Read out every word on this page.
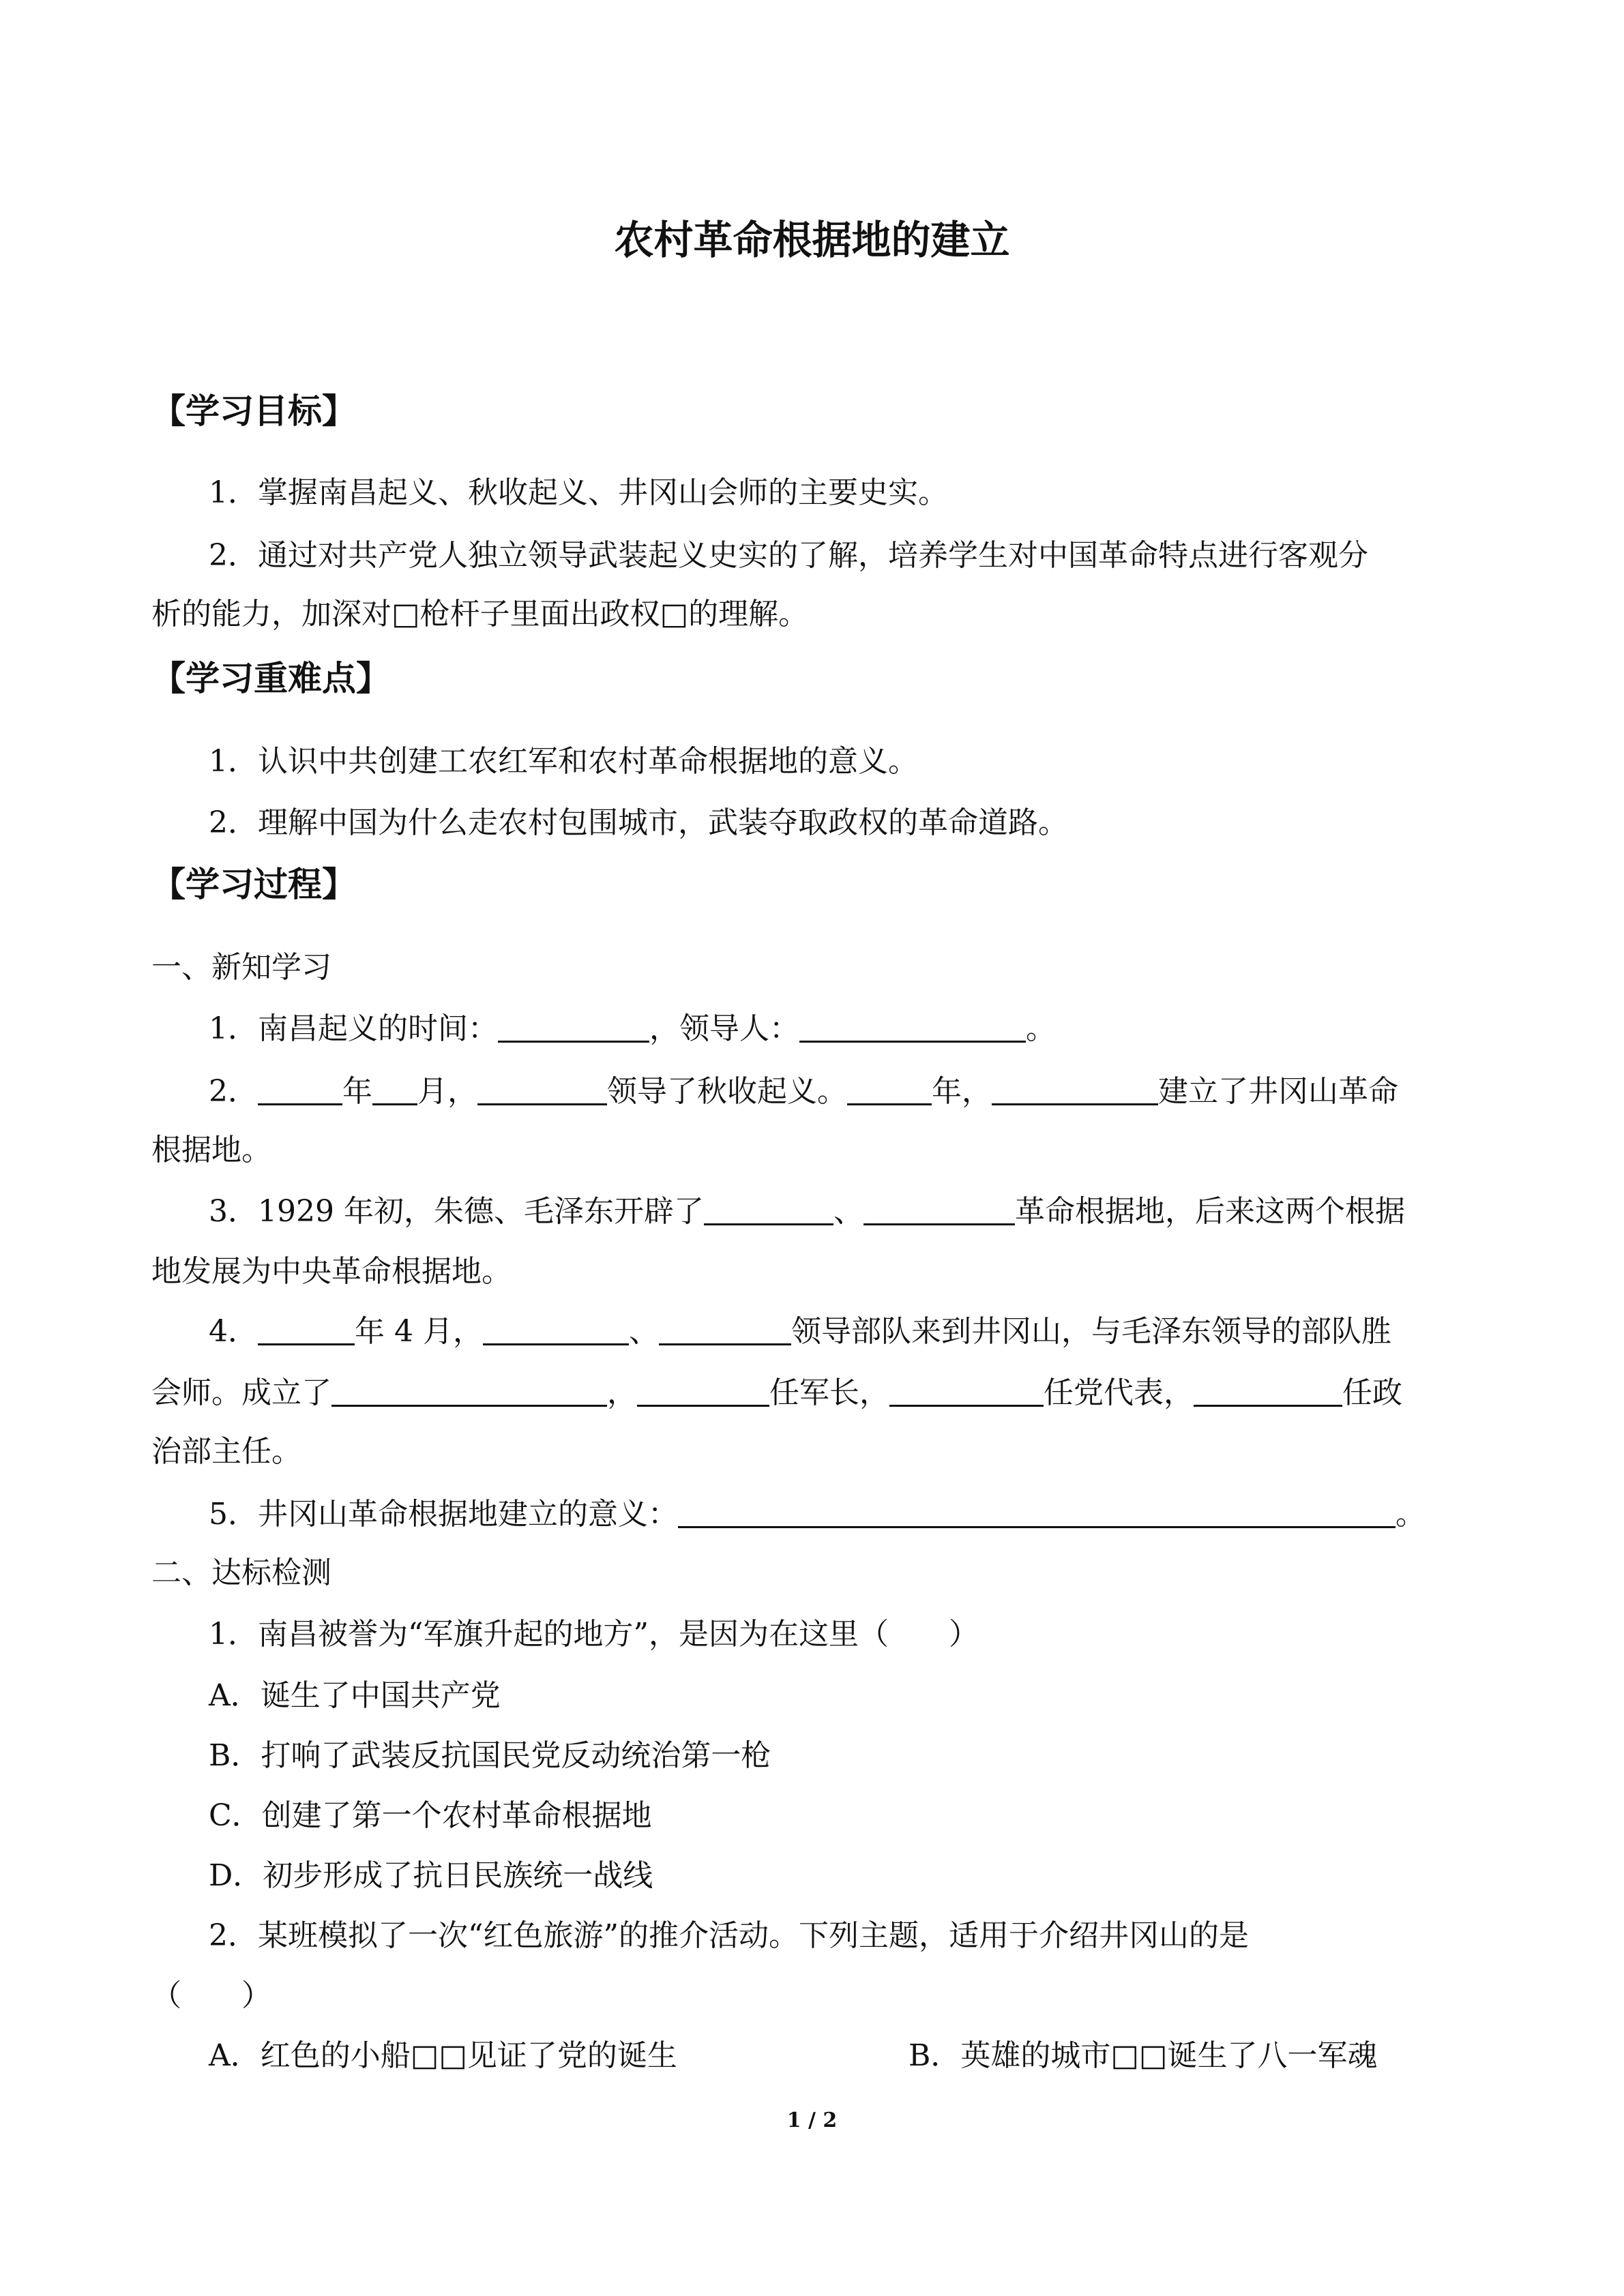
农村革命根据地的建立
【学习目标】
1．掌握南昌起义、秋收起义、井冈山会师的主要史实。
2．通过对共产党人独立领导武装起义史实的了解，培养学生对中国革命特点进行客观分
析的能力，加深对□枪杆子里面出政权□的理解。
【学习重难点】
1．认识中共创建工农红军和农村革命根据地的意义。
2．理解中国为什么走农村包围城市，武装夺取政权的革命道路。
【学习过程】
一、新知学习
1．南昌起义的时间：	，领导人：	。
2．	年 月，	领导了秋收起义。	年，	建立了井冈山革命
根据地。
3．1929 年初，朱德、毛泽东开辟了	、	革命根据地，后来这两个根据
地发展为中央革命根据地。
4．	年 4 月，	、	领导部队来到井冈山，与毛泽东领导的部队胜
会师。成立了	，	任军长，	任党代表，	任政
治部主任。
5．井冈山革命根据地建立的意义：	。
二、达标检测
1．南昌被誉为“军旗升起的地方”，是因为在这里（　　）
A．诞生了中国共产党
B．打响了武装反抗国民党反动统治第一枪
C．创建了第一个农村革命根据地
D．初步形成了抗日民族统一战线
2．某班模拟了一次“红色旅游”的推介活动。下列主题，适用于介绍井冈山的是
（　　）
A．红色的小船□□见证了党的诞生	B．英雄的城市□□诞生了八一军魂
1 / 2
